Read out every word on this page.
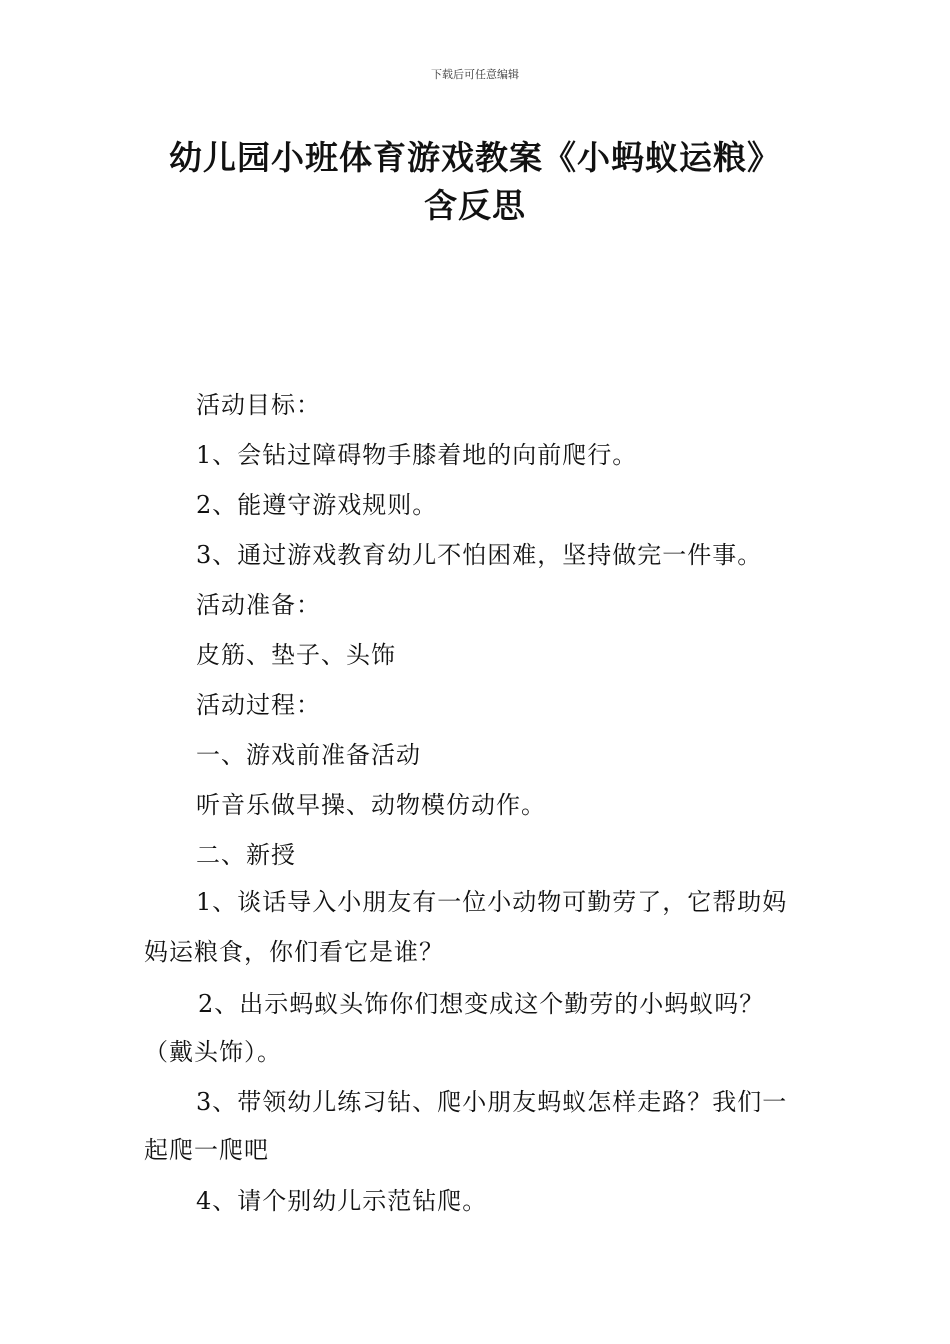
下载后可任意编辑
幼儿园小班体育游戏教案《小蚂蚁运粮》
含反思
活动目标：
1、会钻过障碍物手膝着地的向前爬行。
2、能遵守游戏规则。
3、通过游戏教育幼儿不怕困难，坚持做完一件事。
活动准备：
皮筋、垫子、头饰
活动过程：
一、游戏前准备活动
听音乐做早操、动物模仿动作。
二、新授
1、谈话导入小朋友有一位小动物可勤劳了，它帮助妈
妈运粮食，你们看它是谁？
2、出示蚂蚁头饰你们想变成这个勤劳的小蚂蚁吗？
（戴头饰）。
3、带领幼儿练习钻、爬小朋友蚂蚁怎样走路？我们一
起爬一爬吧
4、请个别幼儿示范钻爬。
